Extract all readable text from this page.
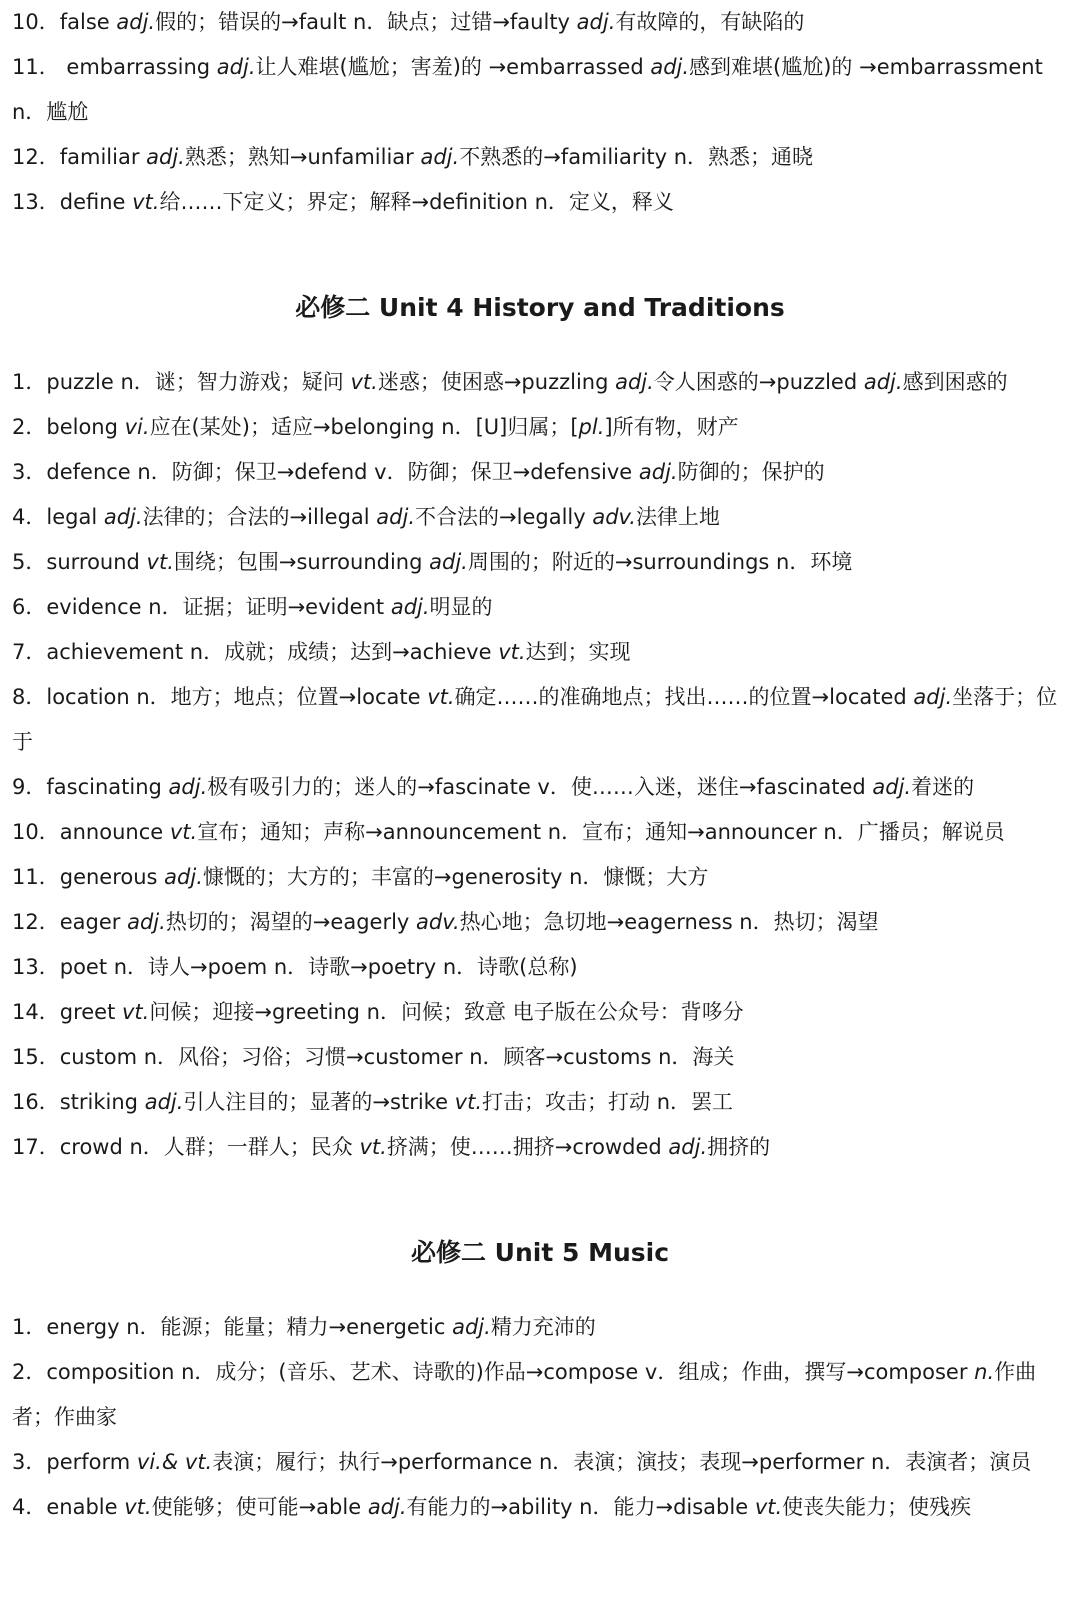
10．false adj.假的；错误的→fault n．缺点；过错→faulty adj.有故障的，有缺陷的

11． embarrassing adj.让人难堪(尴尬；害羞)的 →embarrassed adj.感到难堪(尴尬)的 →embarrassment n．尴尬

12．familiar adj.熟悉；熟知→unfamiliar adj.不熟悉的→familiarity n．熟悉；通晓

13．define vt.给……下定义；界定；解释→definition n．定义，释义

必修二 Unit 4 History and Traditions

1．puzzle n．谜；智力游戏；疑问 vt.迷惑；使困惑→puzzling adj.令人困惑的→puzzled adj.感到困惑的

2．belong vi.应在(某处)；适应→belonging n．[U]归属；[pl.]所有物，财产

3．defence n．防御；保卫→defend v．防御；保卫→defensive adj.防御的；保护的

4．legal adj.法律的；合法的→illegal adj.不合法的→legally adv.法律上地

5．surround vt.围绕；包围→surrounding adj.周围的；附近的→surroundings n．环境

6．evidence n．证据；证明→evident adj.明显的

7．achievement n．成就；成绩；达到→achieve vt.达到；实现

8．location n．地方；地点；位置→locate vt.确定……的准确地点；找出……的位置→located adj.坐落于；位于

9．fascinating adj.极有吸引力的；迷人的→fascinate v．使……入迷，迷住→fascinated adj.着迷的

10．announce vt.宣布；通知；声称→announcement n．宣布；通知→announcer n．广播员；解说员

11．generous adj.慷慨的；大方的；丰富的→generosity n．慷慨；大方

12．eager adj.热切的；渴望的→eagerly adv.热心地；急切地→eagerness n．热切；渴望

13．poet n．诗人→poem n．诗歌→poetry n．诗歌(总称)

14．greet vt.问候；迎接→greeting n．问候；致意 电子版在公众号：背哆分

15．custom n．风俗；习俗；习惯→customer n．顾客→customs n．海关

16．striking adj.引人注目的；显著的→strike vt.打击；攻击；打动 n．罢工

17．crowd n．人群；一群人；民众 vt.挤满；使……拥挤→crowded adj.拥挤的

必修二 Unit 5 Music

1．energy n．能源；能量；精力→energetic adj.精力充沛的

2．composition n．成分；(音乐、艺术、诗歌的)作品→compose v．组成；作曲，撰写→composer n.作曲者；作曲家

3．perform vi.& vt.表演；履行；执行→performance n．表演；演技；表现→performer n．表演者；演员

4．enable vt.使能够；使可能→able adj.有能力的→ability n．能力→disable vt.使丧失能力；使残疾
